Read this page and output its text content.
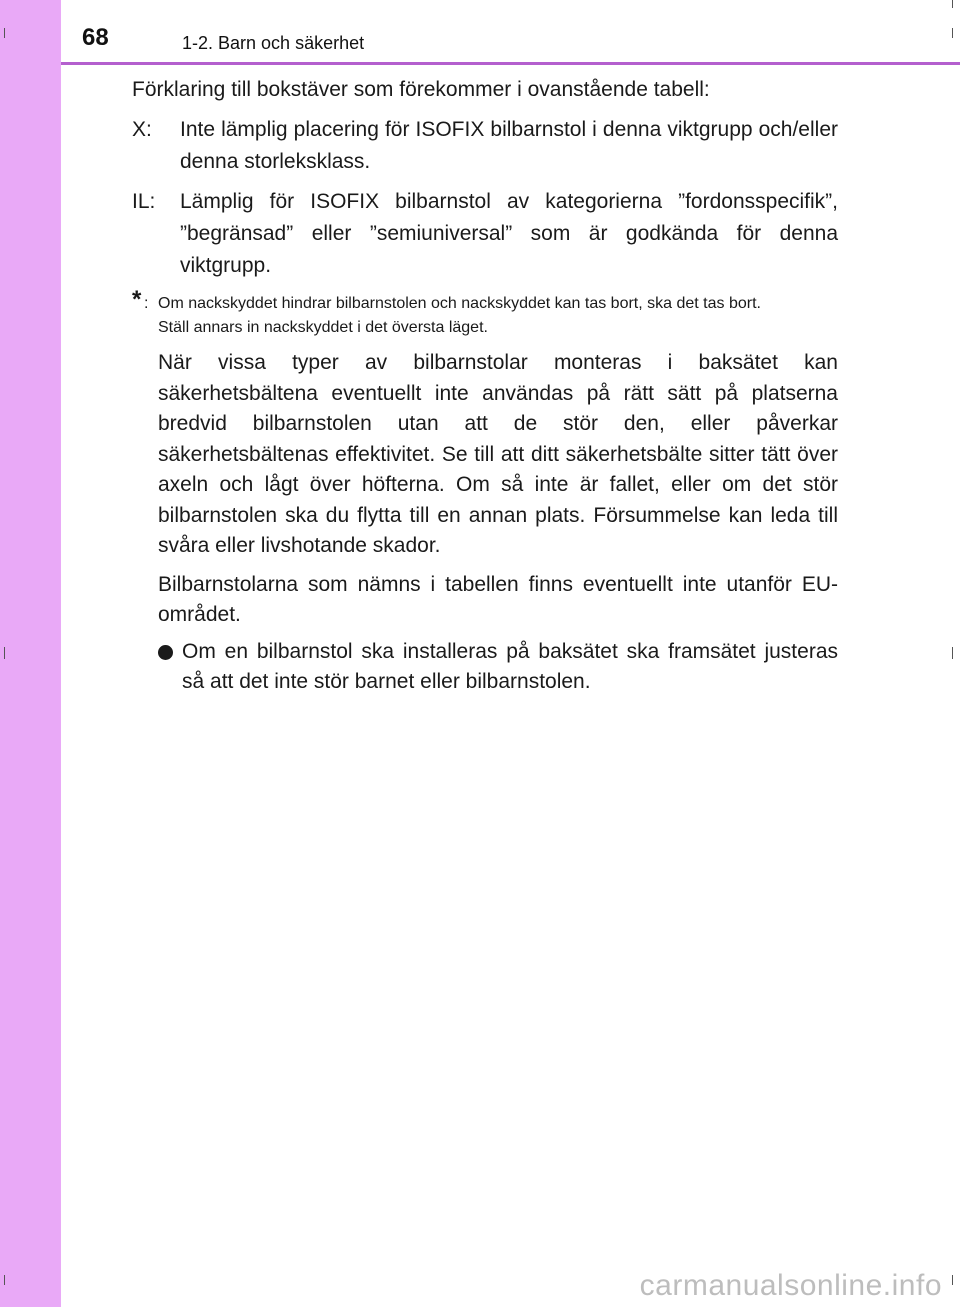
68	1-2. Barn och säkerhet

Förklaring till bokstäver som förekommer i ovanstående tabell:

X: Inte lämplig placering för ISOFIX bilbarnstol i denna viktgrupp och/eller denna storleksklass.
IL: Lämplig för ISOFIX bilbarnstol av kategorierna ”fordonsspecifik”, ”begränsad” eller ”semiuniversal” som är godkända för denna viktgrupp.
* : Om nackskyddet hindrar bilbarnstolen och nackskyddet kan tas bort, ska det tas bort.
Ställ annars in nackskyddet i det översta läget.

När vissa typer av bilbarnstolar monteras i baksätet kan säkerhetsbältena eventuellt inte användas på rätt sätt på platserna bredvid bilbarnstolen utan att de stör den, eller påverkar säkerhetsbältenas effektivitet. Se till att ditt säkerhetsbälte sitter tätt över axeln och lågt över höfterna. Om så inte är fallet, eller om det stör bilbarnstolen ska du flytta till en annan plats. Försummelse kan leda till svåra eller livshotande skador.

Bilbarnstolarna som nämns i tabellen finns eventuellt inte utanför EU-området.

Om en bilbarnstol ska installeras på baksätet ska framsätet justeras så att det inte stör barnet eller bilbarnstolen.
carmanualsonline.info
